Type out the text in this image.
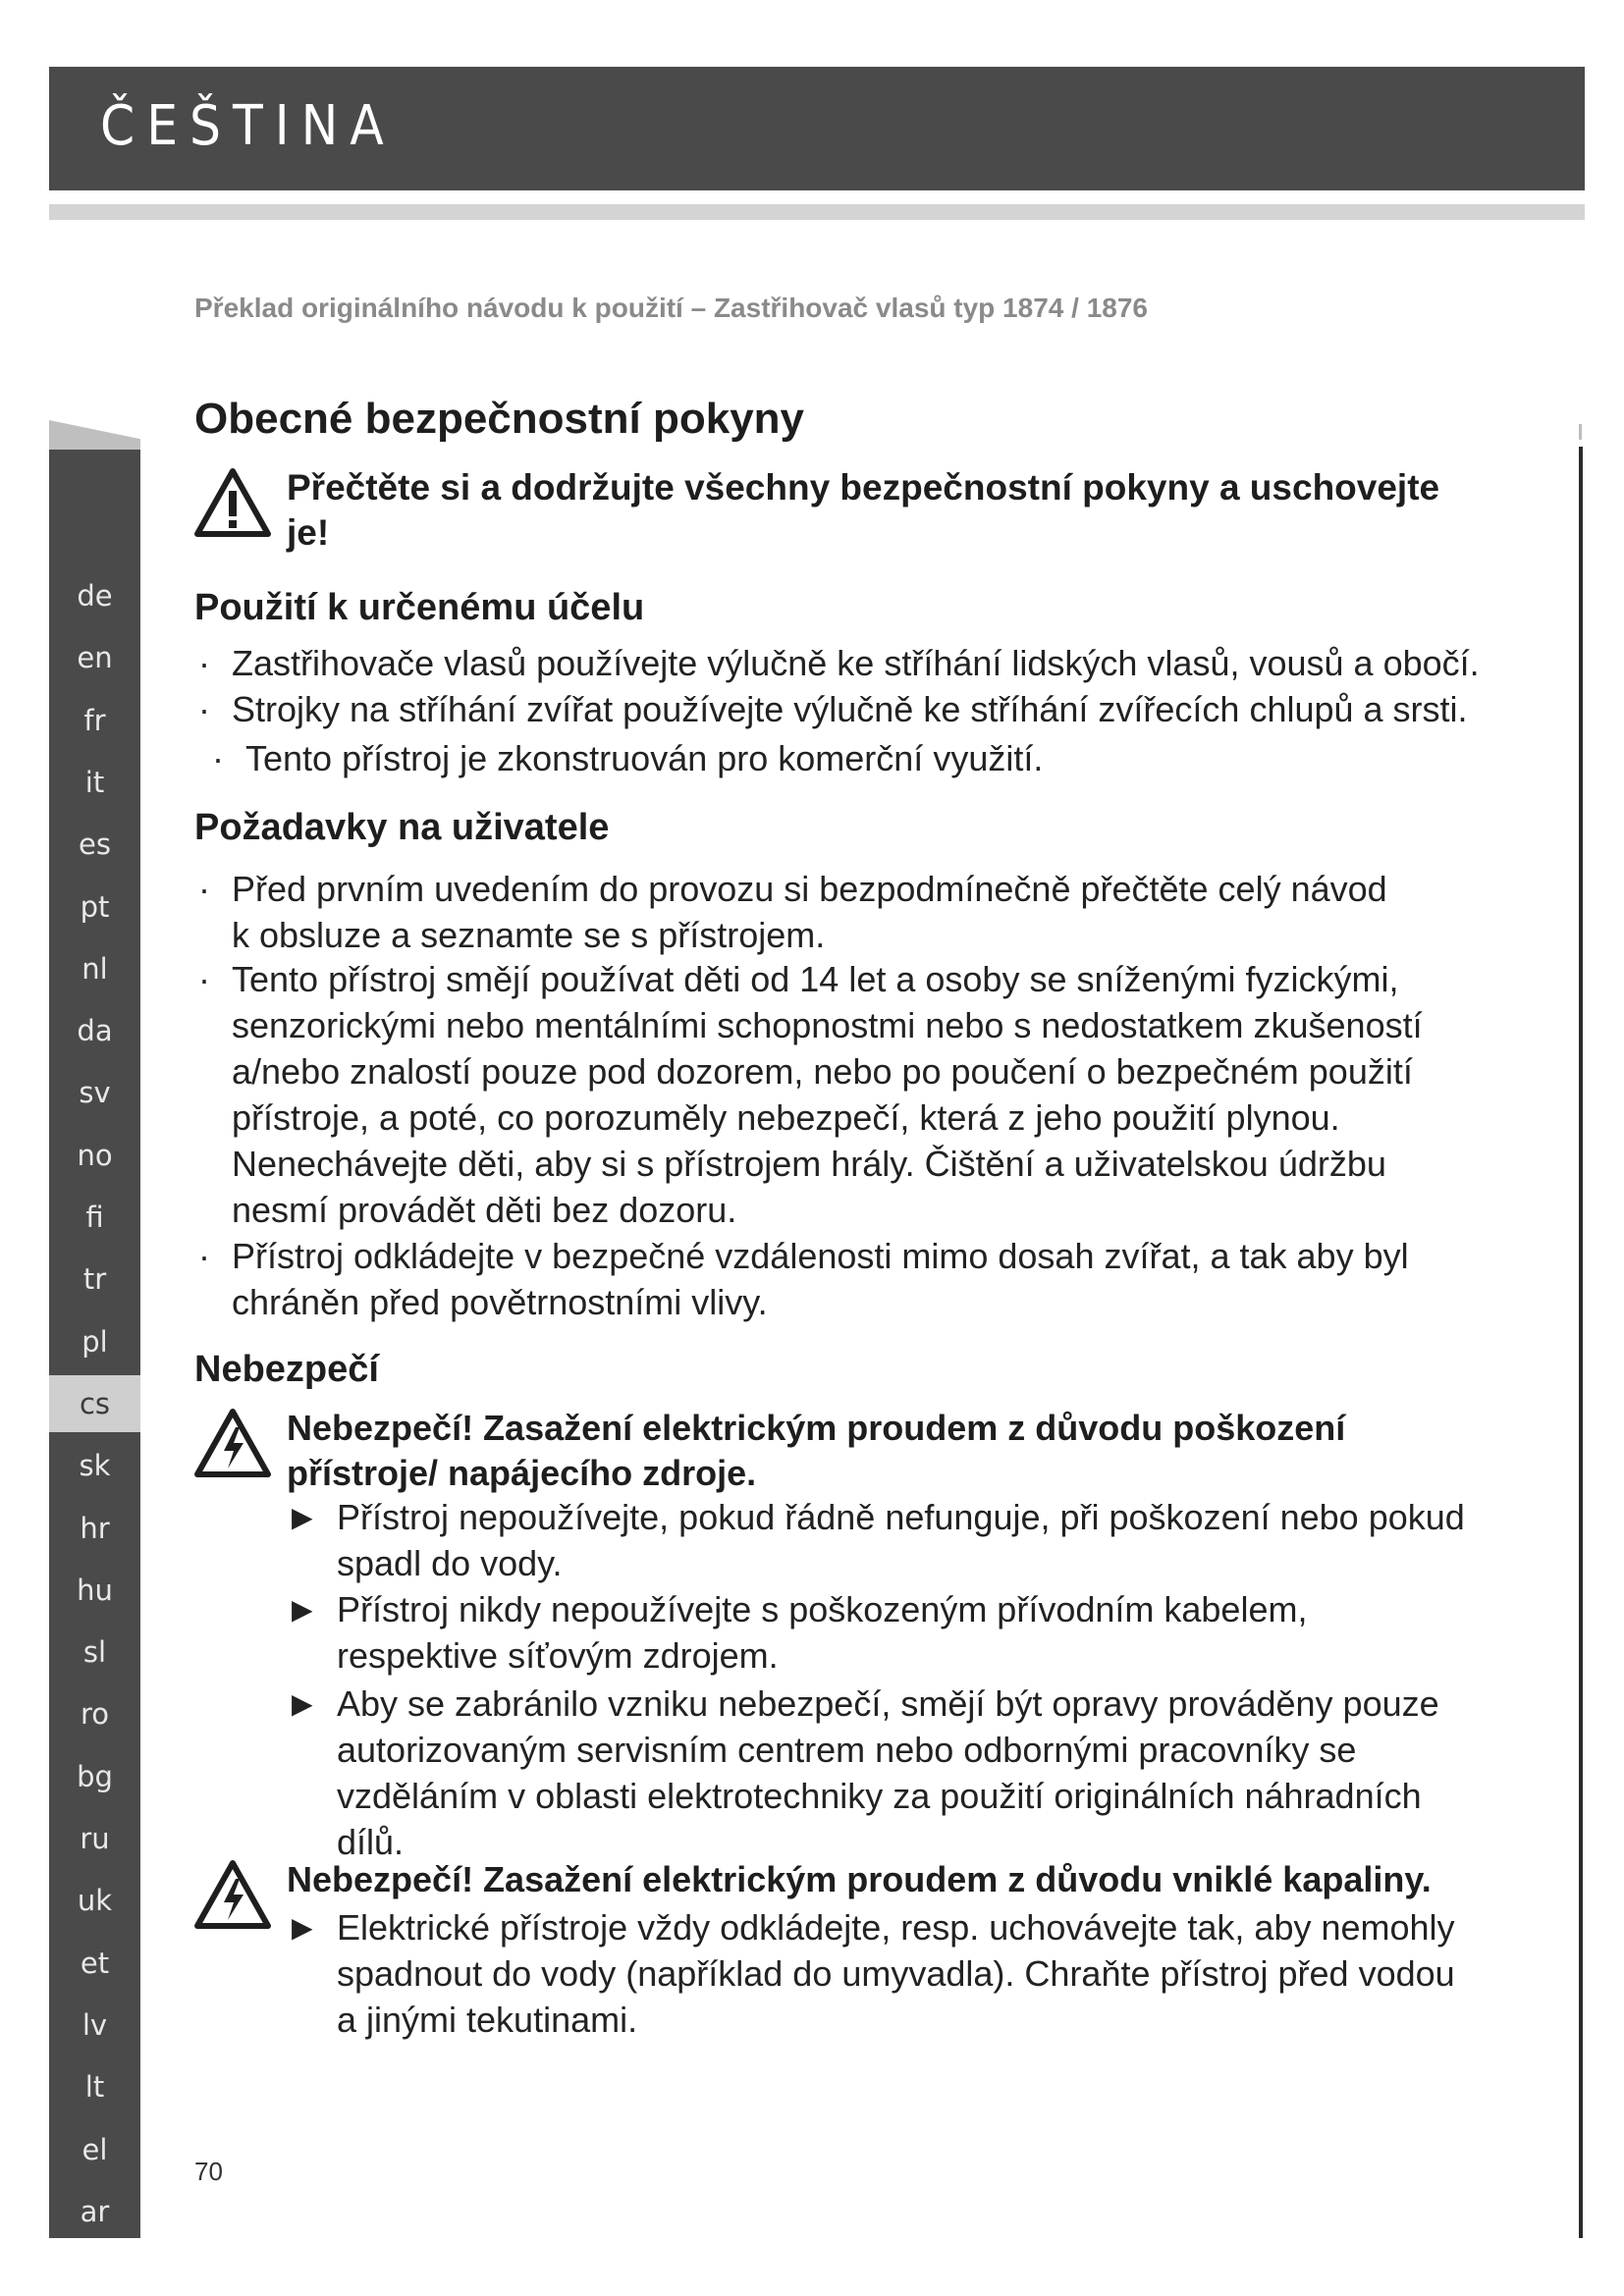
ČEŠTINA
de
en
fr
it
es
pt
nl
da
sv
no
fi
tr
pl
cs
sk
hr
hu
sl
ro
bg
ru
uk
et
lv
lt
el
ar
Překlad originálního návodu k použití – Zastřihovač vlasů typ 1874 / 1876
Obecné bezpečnostní pokyny
Přečtěte si a dodržujte všechny bezpečnostní pokyny a uschovejte je!
Použití k určenému účelu
· Zastřihovače vlasů používejte výlučně ke stříhání lidských vlasů, vousů a obočí.
· Strojky na stříhání zvířat používejte výlučně ke stříhání zvířecích chlupů a srsti.
· Tento přístroj je zkonstruován pro komerční využití.
Požadavky na uživatele
· Před prvním uvedením do provozu si bezpodmínečně přečtěte celý návod k obsluze a seznamte se s přístrojem.
· Tento přístroj smějí používat děti od 14 let a osoby se sníženými fyzickými, senzorickými nebo mentálními schopnostmi nebo s nedostatkem zkušeností a/nebo znalostí pouze pod dozorem, nebo po poučení o bezpečném použití přístroje, a poté, co porozuměly nebezpečí, která z jeho použití plynou. Nenechávejte děti, aby si s přístrojem hrály. Čištění a uživatelskou údržbu nesmí provádět děti bez dozoru.
· Přístroj odkládejte v bezpečné vzdálenosti mimo dosah zvířat, a tak aby byl chráněn před povětrnostními vlivy.
Nebezpečí
Nebezpečí! Zasažení elektrickým proudem z důvodu poškození přístroje/ napájecího zdroje.
▶ Přístroj nepoužívejte, pokud řádně nefunguje, při poškození nebo pokud spadl do vody.
▶ Přístroj nikdy nepoužívejte s poškozeným přívodním kabelem, respektive síťovým zdrojem.
▶ Aby se zabránilo vzniku nebezpečí, smějí být opravy prováděny pouze autorizovaným servisním centrem nebo odbornými pracovníky se vzděláním v oblasti elektrotechniky za použití originálních náhradních dílů.
Nebezpečí! Zasažení elektrickým proudem z důvodu vniklé kapaliny.
▶ Elektrické přístroje vždy odkládejte, resp. uchovávejte tak, aby nemohly spadnout do vody (například do umyvadla). Chraňte přístroj před vodou a jinými tekutinami.
70
